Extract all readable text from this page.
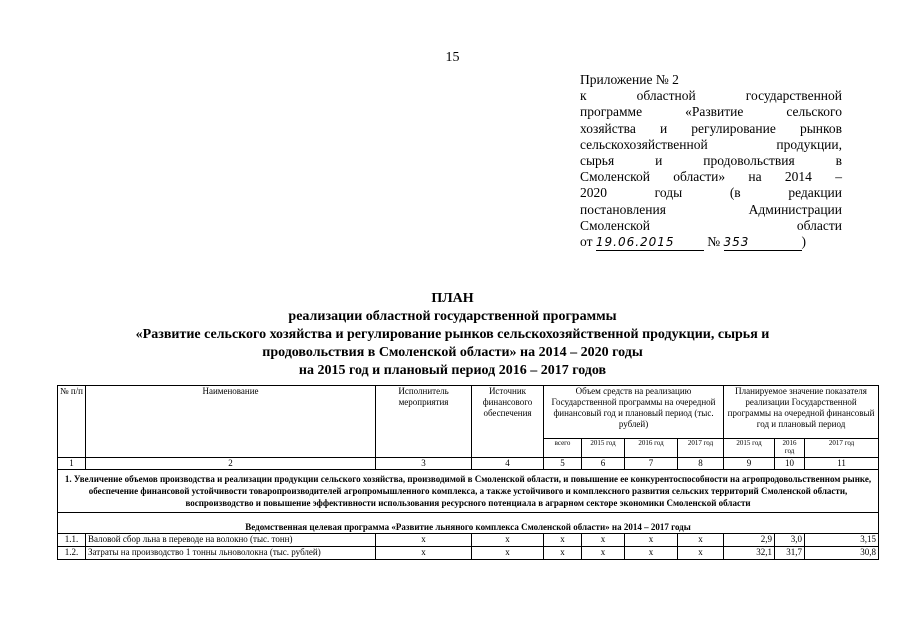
15
Приложение № 2
к областной государственной
программе «Развитие сельского
хозяйства и регулирование рынков
сельскохозяйственной продукции,
сырья и продовольствия в
Смоленской области» на 2014 –
2020 годы (в редакции
постановления Администрации
Смоленской области
от 19.06.2015 № 353	)
ПЛАН
реализации областной государственной программы
«Развитие сельского хозяйства и регулирование рынков сельскохозяйственной продукции, сырья и
продовольствия в Смоленской области» на 2014 – 2020 годы
на 2015 год и плановый период 2016 – 2017 годов
№ п/п	Наименование	Исполнитель мероприятия	Источник финансового обеспечения	Объем средств на реализацию Государственной программы на очередной финансовый год и плановый период (тыс. рублей)				Планируемое значение показателя реализации Государственной программы на очередной финансовый год и плановый период		
				всего	2015 год	2016 год	2017 год	2015 год	2016 год	2017 год
1	2	3	4	5	6	7	8	9	10	11
1. Увеличение объемов производства и реализации продукции сельского хозяйства, производимой в Смоленской области, и повышение ее конкурентоспособности на агропродовольственном рынке, обеспечение финансовой устойчивости товаропроизводителей агропромышленного комплекса, а также устойчивого и комплексного развития сельских территорий Смоленской области, воспроизводство и повышение эффективности использования ресурсного потенциала в аграрном секторе экономики Смоленской области										
Ведомственная целевая программа «Развитие льняного комплекса Смоленской области» на 2014 – 2017 годы										
1.1.	Валовой сбор льна в переводе на волокно (тыс. тонн)	x	x	x	x	x	x	2,9	3,0	3,15
1.2.	Затраты на производство 1 тонны льноволокна (тыс. рублей)	x	x	x	x	x	x	32,1	31,7	30,8
